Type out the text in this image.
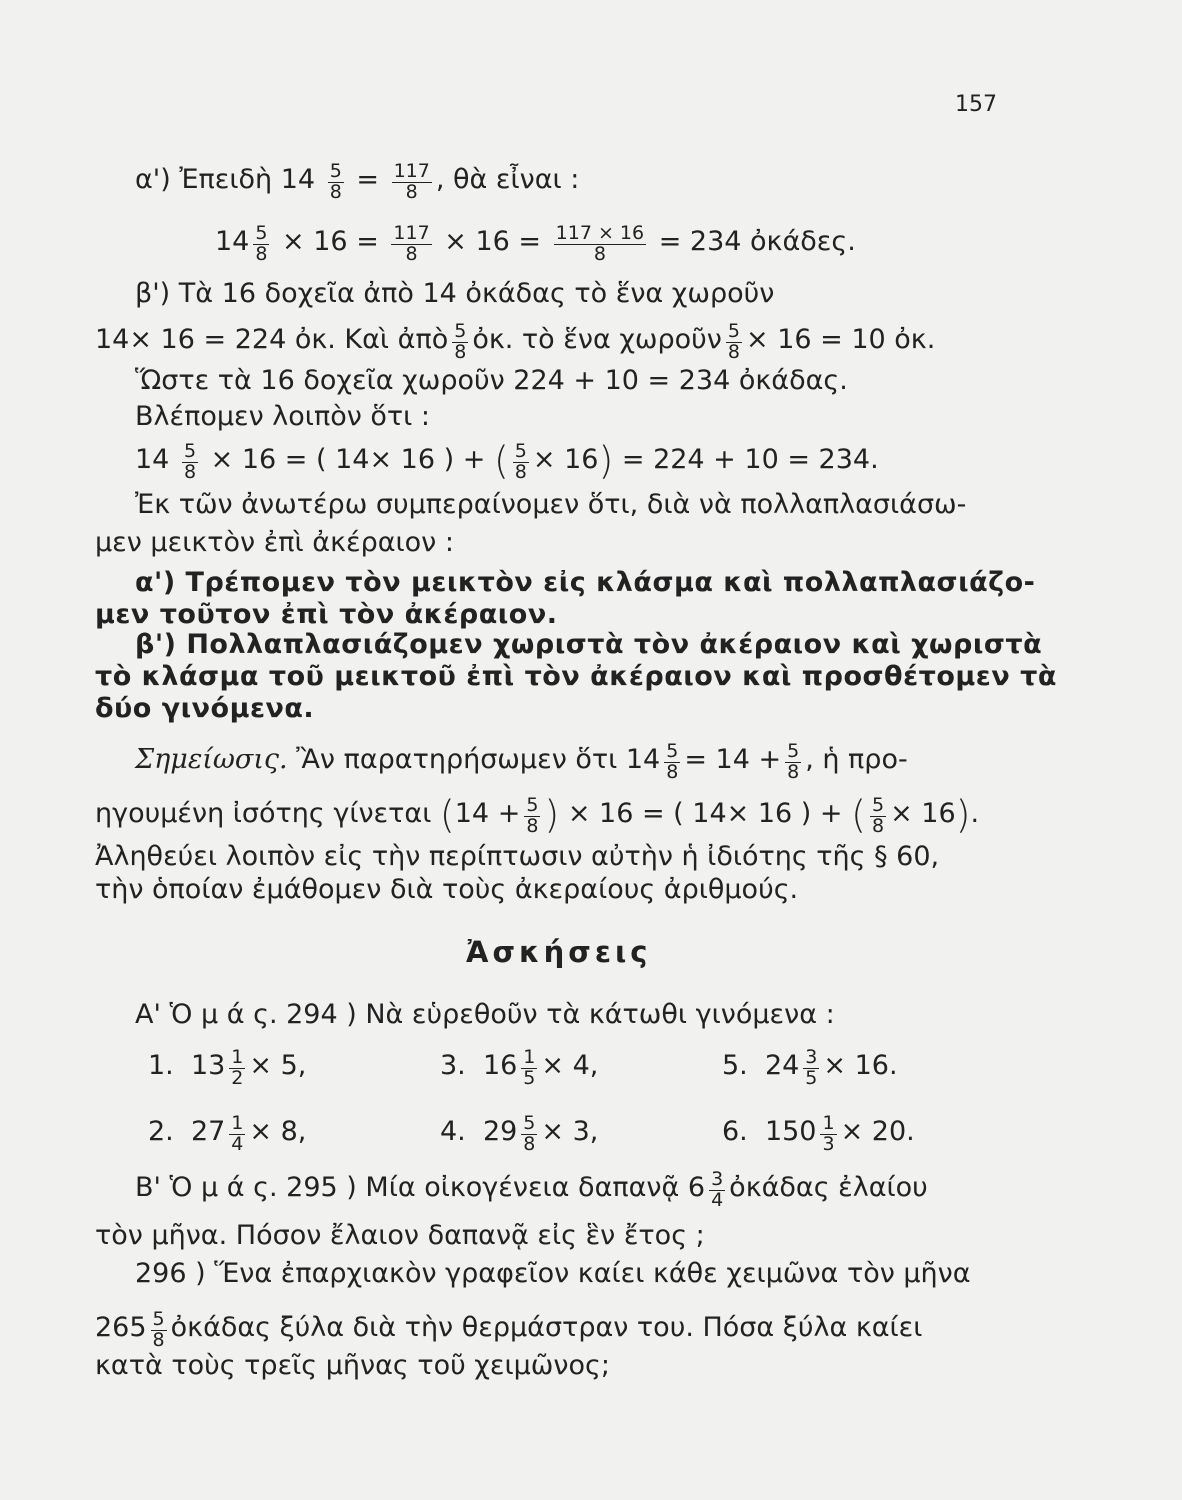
157
α') Ἐπειδὴ $14 \frac{5}{8} = \frac{117}{8}$ , θὰ εἶναι :
$14 \frac{5}{8} \times 16 = \frac{117}{8} \times 16 = \frac{117 \times 16}{8} = 234$ ὀκάδες.
β') Τὰ 16 δοχεῖα ἀπὸ 14 ὀκάδας τὸ ἕνα χωροῦν
14× 16 = 224 ὀκ. Καὶ ἀπὸ $\frac{5}{8}$ ὀκ. τὸ ἕνα χωροῦν $\frac{5}{8} \times 16 = 10$ ὀκ.
Ὥστε τὰ 16 δοχεῖα χωροῦν 224 + 10 = 234 ὀκάδας.
Βλέπομεν λοιπὸν ὅτι :
$14 \frac{5}{8} \times 16$ = ( 14× 16 ) + ( $\frac{5}{8} \times 16) = 224 + 10 = 234$.
Ἐκ τῶν ἀνωτέρω συμπεραίνομεν ὅτι, διὰ νὰ πολλαπλασιάσω-
μεν μεικτὸν ἐπὶ ἀκέραιον :
α') Τρέπομεν τὸν μεικτὸν εἰς κλάσμα καὶ πολλαπλασιάζο-
μεν τοῦτον ἐπὶ τὸν ἀκέραιον.
β') Πολλαπλασιάζομεν χωριστὰ τὸν ἀκέραιον καὶ χωριστὰ
τὸ κλάσμα τοῦ μεικτοῦ ἐπὶ τὸν ἀκέραιον καὶ προσθέτομεν τὰ
δύο γινόμενα.
Σημείωσις. Ἂν παρατηρήσωμεν ὅτι $14 \frac{5}{8} = 14 + \frac{5}{8}$ , ἡ προ-
ηγουμένη ἰσότης γίνεται ($14 + \frac{5}{8}$ ) × 16 = ( 14× 16 ) + ( $\frac{5}{8} \times 16$).
Ἀληθεύει λοιπὸν εἰς τὴν περίπτωσιν αὐτὴν ἡ ἰδιότης τῆς § 60,
τὴν ὁποίαν ἐμάθομεν διὰ τοὺς ἀκεραίους ἀριθμούς.
Ἀσκήσεις
Α' Ὁ μ ά ς. 294 ) Νὰ εὑρεθοῦν τὰ κάτωθι γινόμενα :
1. $13 \frac{1}{2} \times 5$,	3. $16 \frac{1}{5} \times 4$,	5. $24 \frac{3}{5} \times 16$.
2. $27 \frac{1}{4} \times 8$,	4. $29 \frac{5}{8} \times 3$,	6. $150 \frac{1}{3} \times 20$.
Β' Ὁ μ ά ς. 295 ) Μία οἰκογένεια δαπανᾷ $6 \frac{3}{4}$ ὀκάδας ἐλαίου
τὸν μῆνα. Πόσον ἔλαιον δαπανᾷ εἰς ἓν ἔτος ;
296 ) Ἕνα ἐπαρχιακὸν γραφεῖον καίει κάθε χειμῶνα τὸν μῆνα
$265 \frac{5}{8}$ ὀκάδας ξύλα διὰ τὴν θερμάστραν του. Πόσα ξύλα καίει
κατὰ τοὺς τρεῖς μῆνας τοῦ χειμῶνος;
